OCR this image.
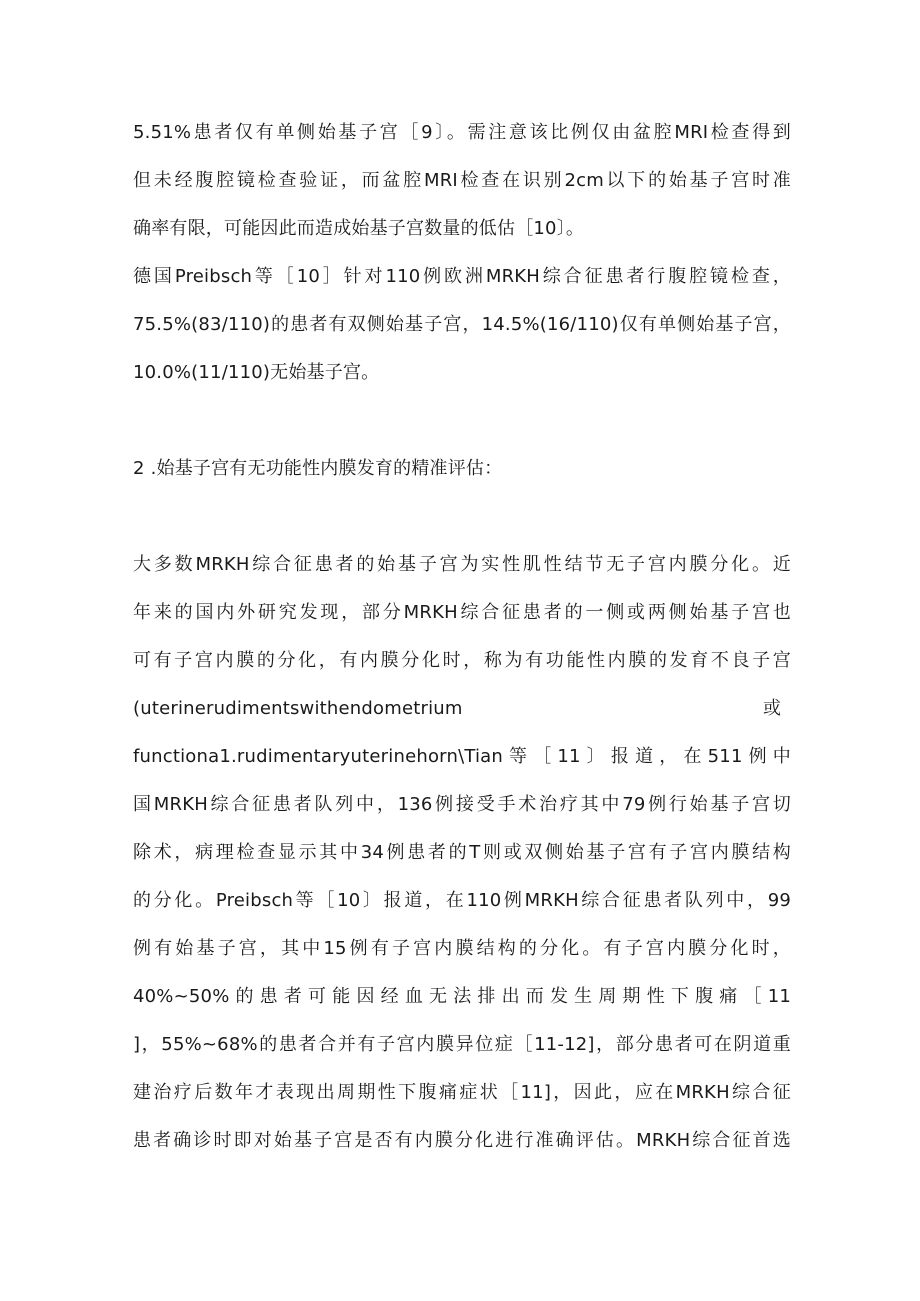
5.51%患者仅有单侧始基子宫［9〕。需注意该比例仅由盆腔MRI检查得到
但未经腹腔镜检查验证，而盆腔MRI检查在识别2cm以下的始基子宫时准
确率有限，可能因此而造成始基子宫数量的低估［10〕。
德国Preibsch等［10］针对110例欧洲MRKH综合征患者行腹腔镜检查，
75.5%(83/110)的患者有双侧始基子宫，14.5%(16/110)仅有单侧始基子宫，
10.0%(11/110)无始基子宫。
2 .始基子宫有无功能性内膜发育的精准评估：
大多数MRKH综合征患者的始基子宫为实性肌性结节无子宫内膜分化。近
年来的国内外研究发现，部分MRKH综合征患者的一侧或两侧始基子宫也
可有子宫内膜的分化，有内膜分化时，称为有功能性内膜的发育不良子宫
(uterinerudimentswithendometrium	或
functiona1.rudimentaryuterinehorn\Tian等［11〕报道，在511例中
国MRKH综合征患者队列中，136例接受手术治疗其中79例行始基子宫切
除术，病理检查显示其中34例患者的T则或双侧始基子宫有子宫内膜结构
的分化。Preibsch等［10〕报道，在110例MRKH综合征患者队列中，99
例有始基子宫，其中15例有子宫内膜结构的分化。有子宫内膜分化时，
40%~50%的患者可能因经血无法排出而发生周期性下腹痛［11
]，55%~68%的患者合并有子宫内膜异位症［11-12]，部分患者可在阴道重
建治疗后数年才表现出周期性下腹痛症状［11]，因此，应在MRKH综合征
患者确诊时即对始基子宫是否有内膜分化进行准确评估。MRKH综合征首选
